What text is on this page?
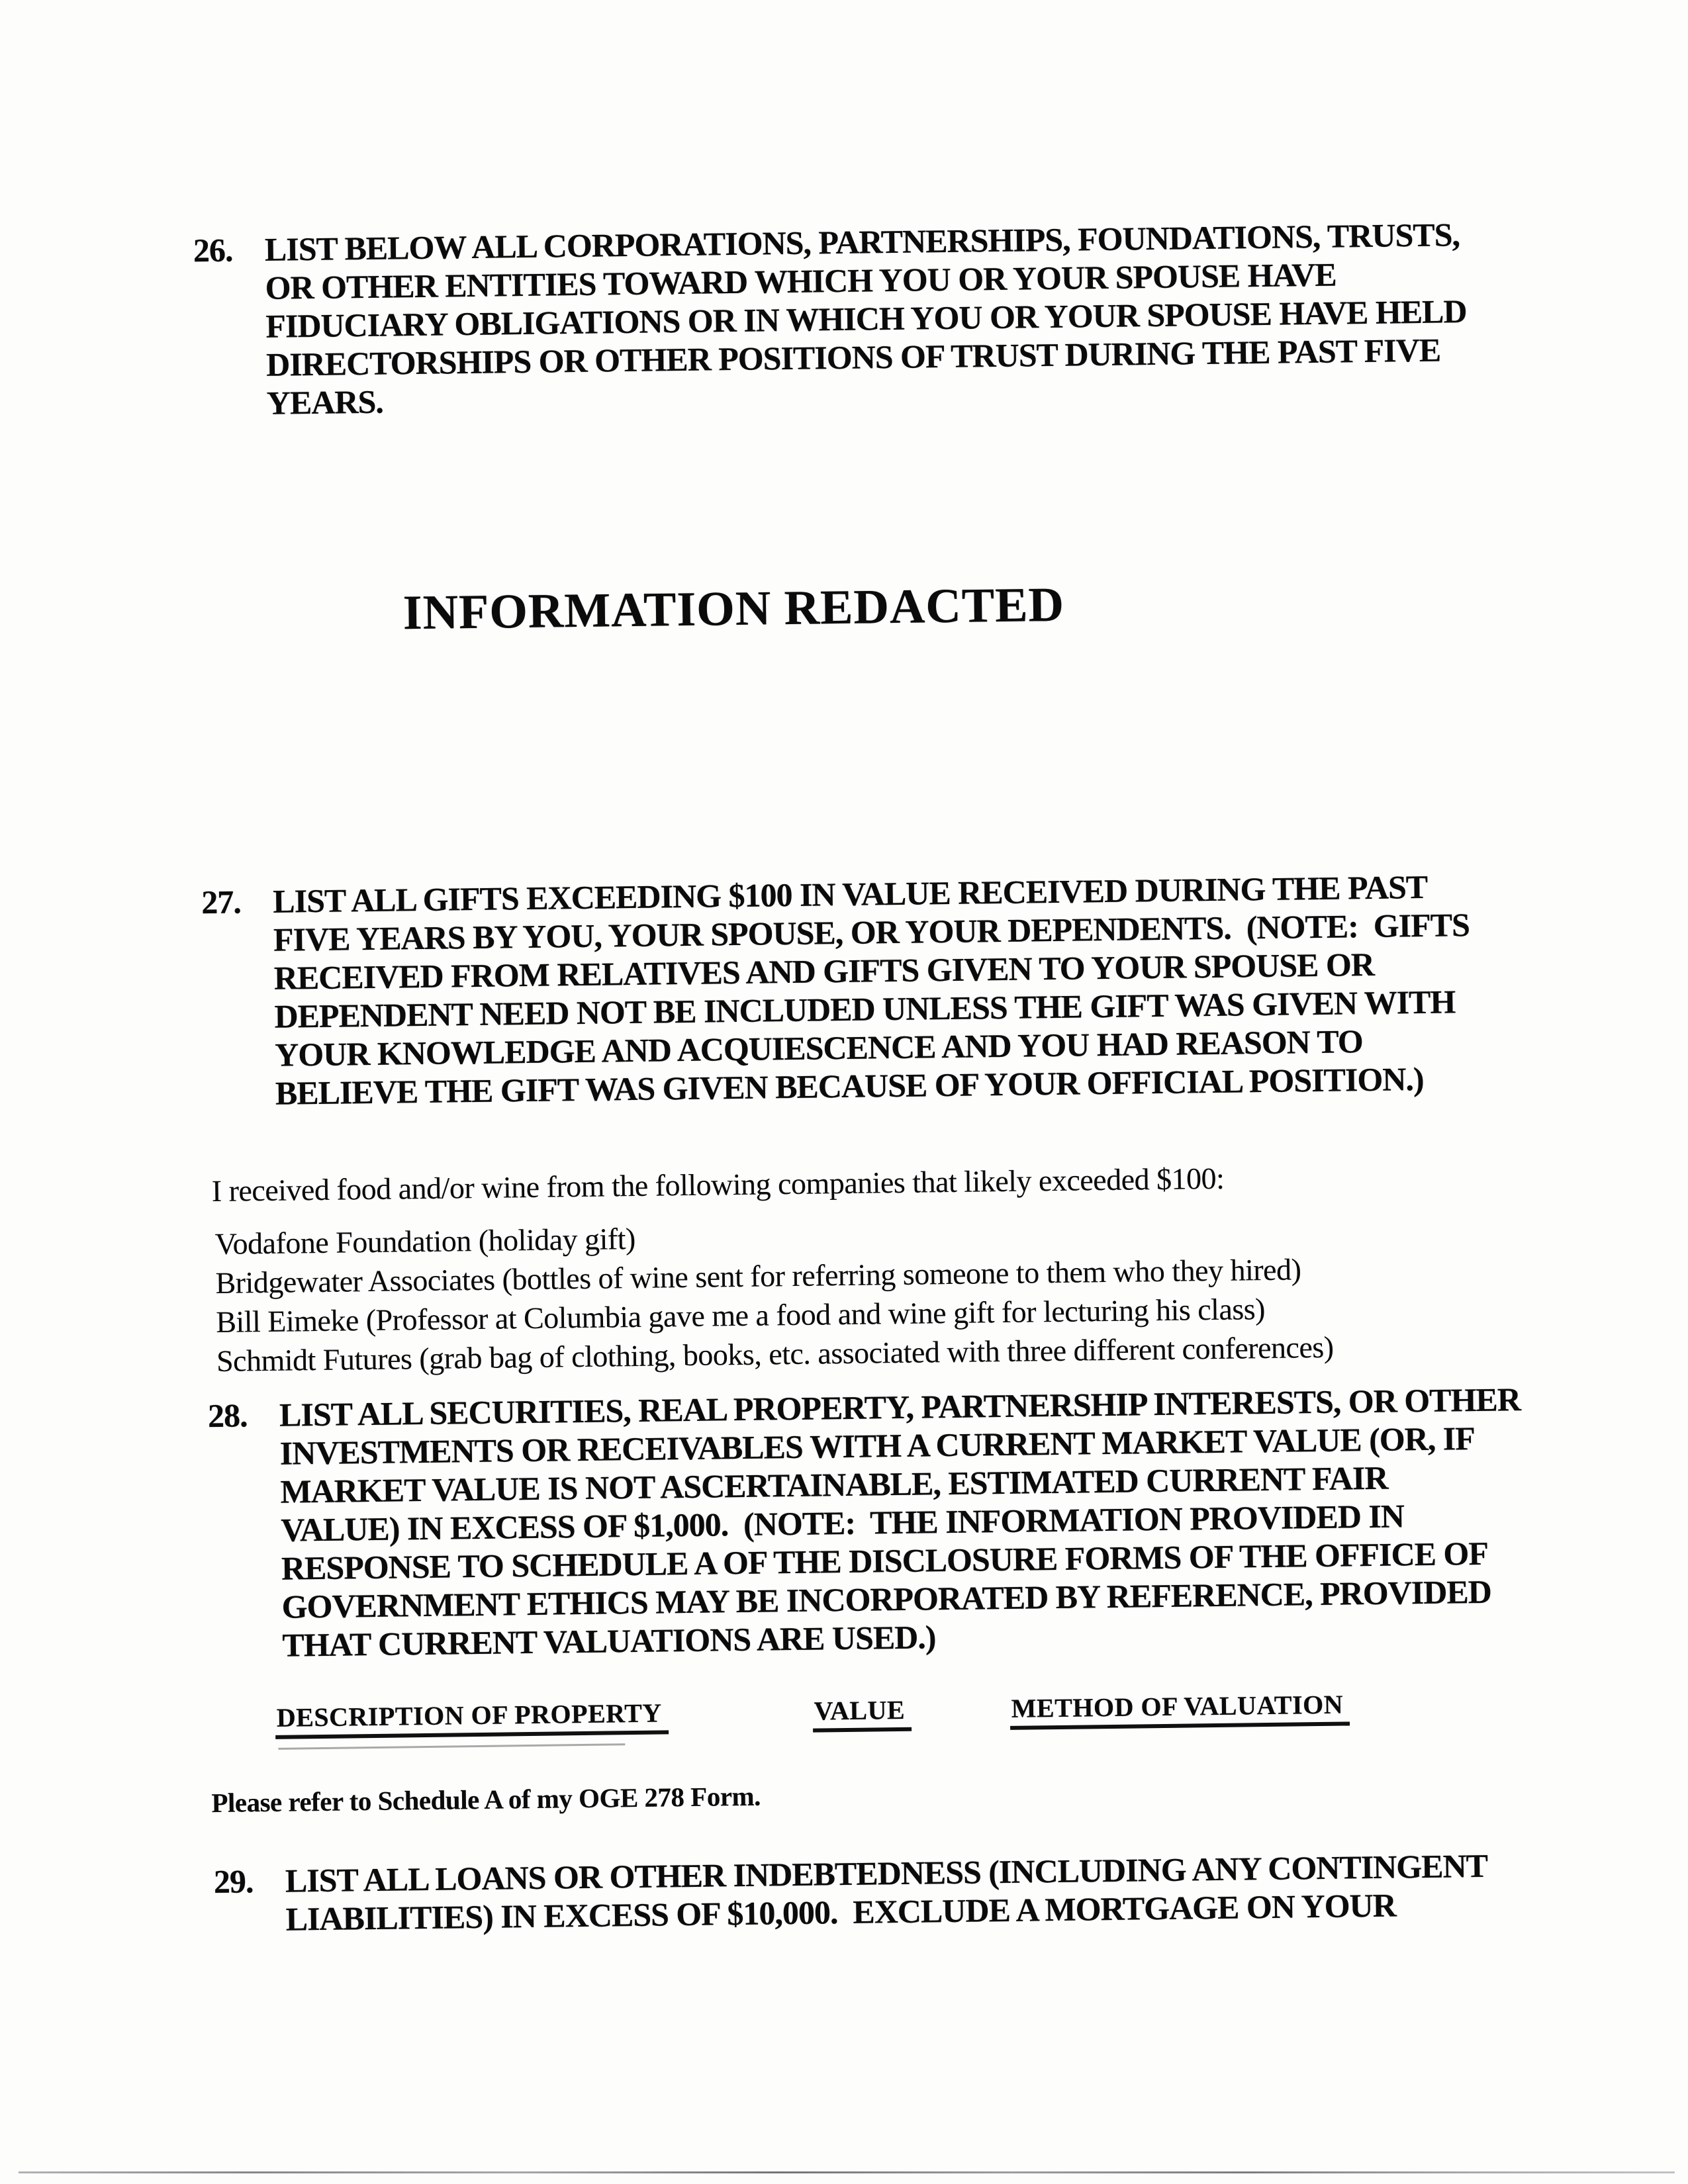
26. LIST BELOW ALL CORPORATIONS, PARTNERSHIPS, FOUNDATIONS, TRUSTS,
OR OTHER ENTITIES TOWARD WHICH YOU OR YOUR SPOUSE HAVE
FIDUCIARY OBLIGATIONS OR IN WHICH YOU OR YOUR SPOUSE HAVE HELD
DIRECTORSHIPS OR OTHER POSITIONS OF TRUST DURING THE PAST FIVE
YEARS.
INFORMATION REDACTED
27. LIST ALL GIFTS EXCEEDING $100 IN VALUE RECEIVED DURING THE PAST
FIVE YEARS BY YOU, YOUR SPOUSE, OR YOUR DEPENDENTS.  (NOTE:  GIFTS
RECEIVED FROM RELATIVES AND GIFTS GIVEN TO YOUR SPOUSE OR
DEPENDENT NEED NOT BE INCLUDED UNLESS THE GIFT WAS GIVEN WITH
YOUR KNOWLEDGE AND ACQUIESCENCE AND YOU HAD REASON TO
BELIEVE THE GIFT WAS GIVEN BECAUSE OF YOUR OFFICIAL POSITION.)

I received food and/or wine from the following companies that likely exceeded $100:

Vodafone Foundation (holiday gift)
Bridgewater Associates (bottles of wine sent for referring someone to them who they hired)
Bill Eimeke (Professor at Columbia gave me a food and wine gift for lecturing his class)
Schmidt Futures (grab bag of clothing, books, etc. associated with three different conferences)
28. LIST ALL SECURITIES, REAL PROPERTY, PARTNERSHIP INTERESTS, OR OTHER
INVESTMENTS OR RECEIVABLES WITH A CURRENT MARKET VALUE (OR, IF
MARKET VALUE IS NOT ASCERTAINABLE, ESTIMATED CURRENT FAIR
VALUE) IN EXCESS OF $1,000.  (NOTE:  THE INFORMATION PROVIDED IN
RESPONSE TO SCHEDULE A OF THE DISCLOSURE FORMS OF THE OFFICE OF
GOVERNMENT ETHICS MAY BE INCORPORATED BY REFERENCE, PROVIDED
THAT CURRENT VALUATIONS ARE USED.)
DESCRIPTION OF PROPERTY	VALUE	METHOD OF VALUATION

Please refer to Schedule A of my OGE 278 Form.

29. LIST ALL LOANS OR OTHER INDEBTEDNESS (INCLUDING ANY CONTINGENT
LIABILITIES) IN EXCESS OF $10,000.  EXCLUDE A MORTGAGE ON YOUR
